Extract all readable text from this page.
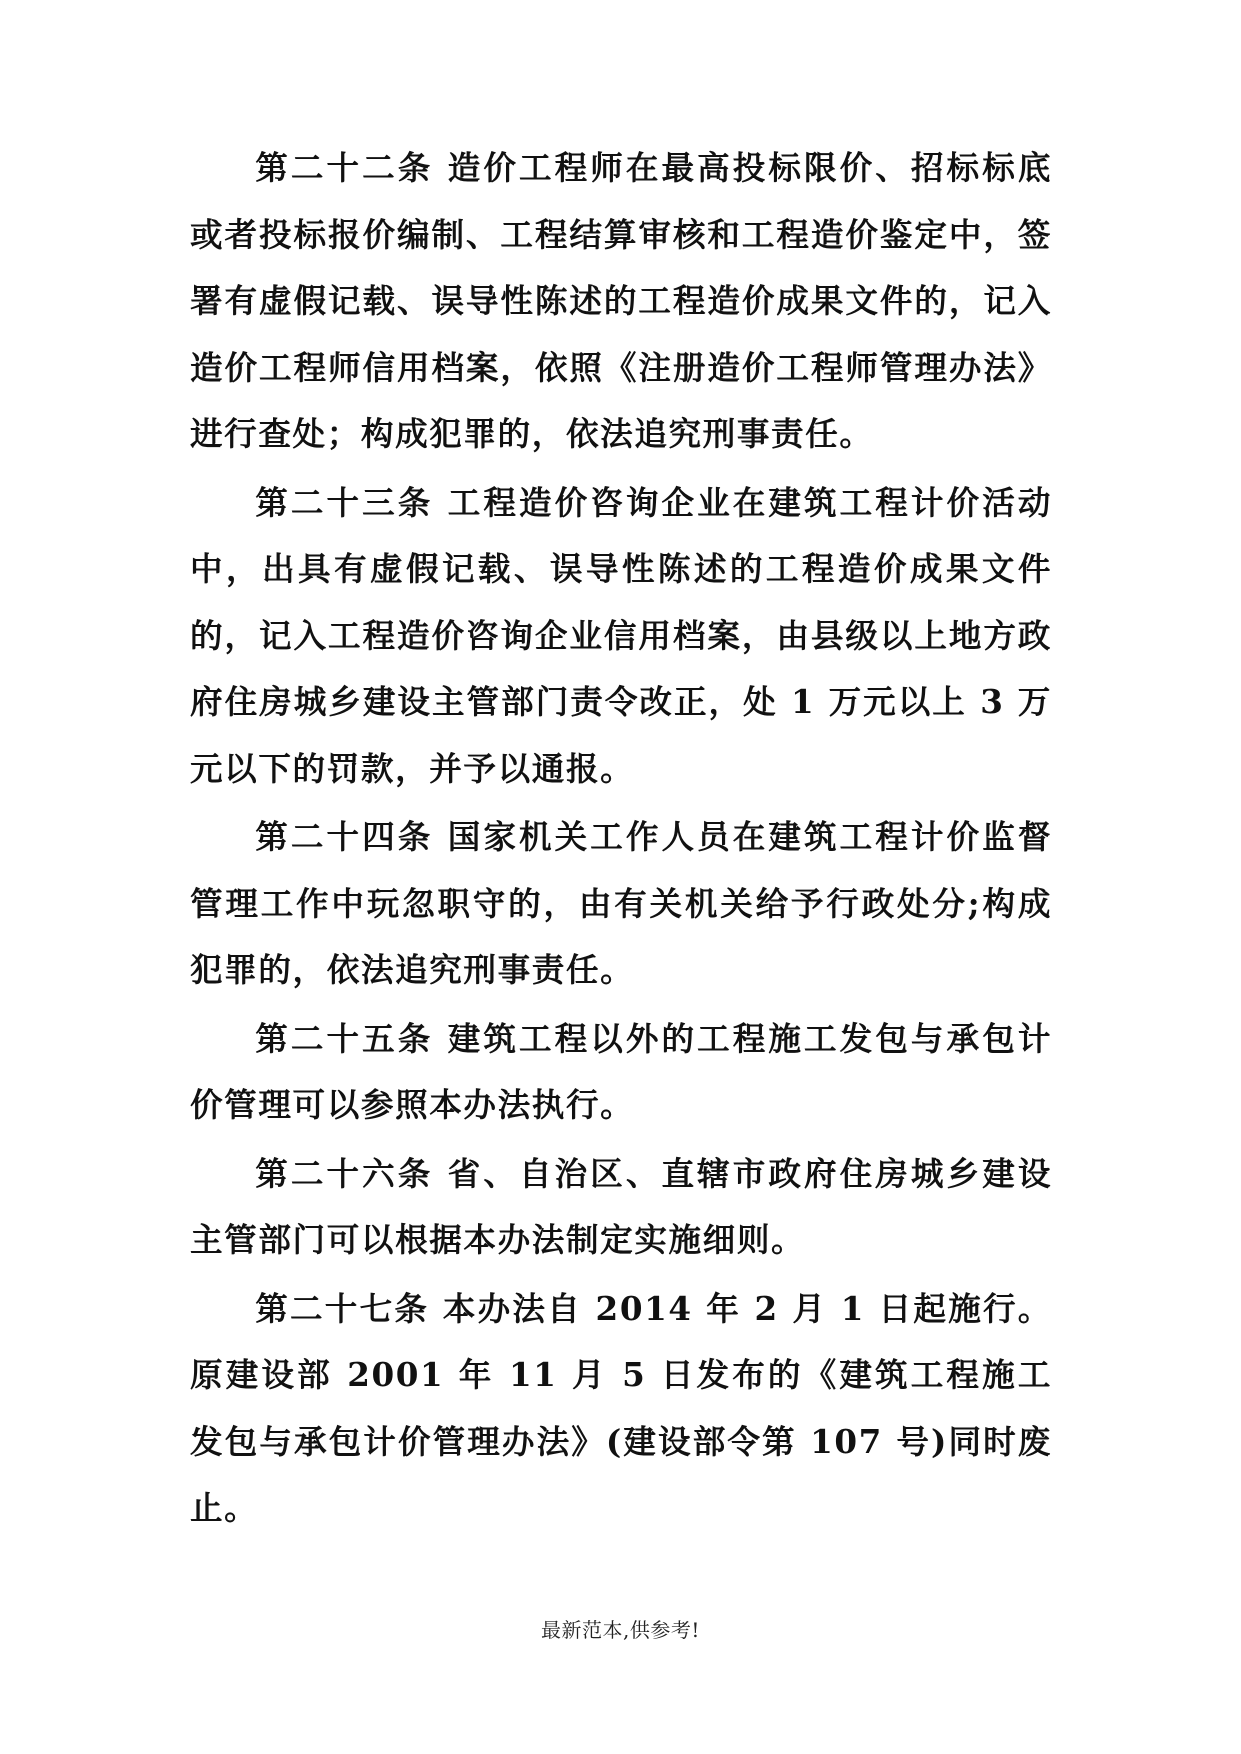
第二十二条 造价工程师在最高投标限价、招标标底或者投标报价编制、工程结算审核和工程造价鉴定中，签署有虚假记载、误导性陈述的工程造价成果文件的，记入造价工程师信用档案，依照《注册造价工程师管理办法》进行查处；构成犯罪的，依法追究刑事责任。

第二十三条 工程造价咨询企业在建筑工程计价活动中，出具有虚假记载、误导性陈述的工程造价成果文件的，记入工程造价咨询企业信用档案，由县级以上地方政府住房城乡建设主管部门责令改正，处 1 万元以上 3 万元以下的罚款，并予以通报。

第二十四条 国家机关工作人员在建筑工程计价监督管理工作中玩忽职守的，由有关机关给予行政处分;构成犯罪的，依法追究刑事责任。

第二十五条 建筑工程以外的工程施工发包与承包计价管理可以参照本办法执行。

第二十六条 省、自治区、直辖市政府住房城乡建设主管部门可以根据本办法制定实施细则。

第二十七条 本办法自 2014 年 2 月 1 日起施行。原建设部 2001 年 11 月 5 日发布的《建筑工程施工发包与承包计价管理办法》(建设部令第 107 号)同时废止。

最新范本,供参考!
